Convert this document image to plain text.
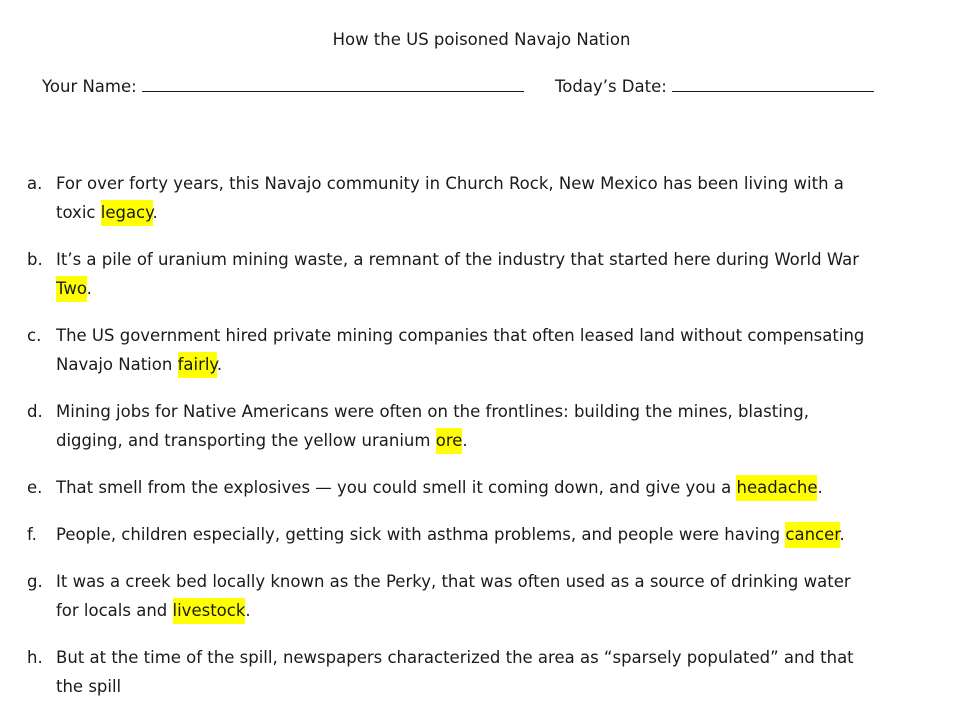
How the US poisoned Navajo Nation
Your Name:	Today’s Date:
a. For over forty years, this Navajo community in Church Rock, New Mexico has been living with a toxic legacy.
b. It’s a pile of uranium mining waste, a remnant of the industry that started here during World War Two.
c. The US government hired private mining companies that often leased land without compensating Navajo Nation fairly.
d. Mining jobs for Native Americans were often on the frontlines: building the mines, blasting, digging, and transporting the yellow uranium ore.
e. That smell from the explosives — you could smell it coming down, and give you a headache.
f. People, children especially, getting sick with asthma problems, and people were having cancer.
g. It was a creek bed locally known as the Perky, that was often used as a source of drinking water for locals and livestock.
h. But at the time of the spill, newspapers characterized the area as “sparsely populated” and that the spill
